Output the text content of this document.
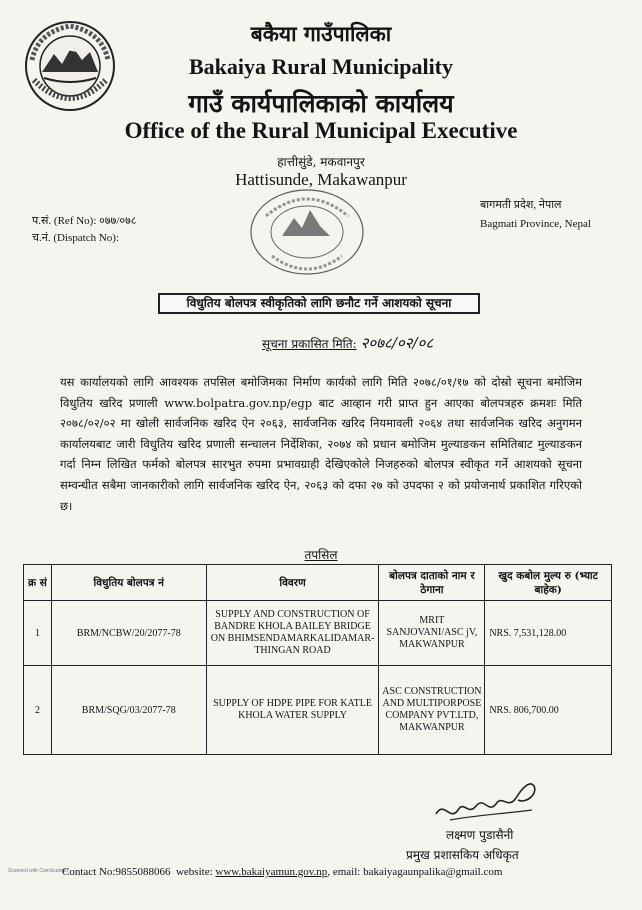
बकैया गाउँपालिका
Bakaiya Rural Municipality
गाउँ कार्यपालिकाको कार्यालय
Office of the Rural Municipal Executive
हात्तीसुंडे, मकवानपुर
Hattisunde, Makawanpur
बागमती प्रदेश, नेपाल
Bagmati Province, Nepal
प.सं. (Ref No): ०७७/०७८
च.नं. (Dispatch No):
विधुतिय बोलपत्र स्वीकृतिको लागि छनौट गर्ने आशयको सूचना
सूचना प्रकासित मिति: २०७८/०२/०८
यस कार्यालयको लागि आवश्यक तपसिल बमोजिमका निर्माण कार्यको लागि मिति २०७८/०१/१७ को दोस्रो सूचना बमोजिम विधुतिय खरिद प्रणाली www.bolpatra.gov.np/egp बाट आव्हान गरी प्राप्त हुन आएका बोलपत्रहरु क्रमशः मिति २०७८/०२/०२ मा खोली सार्वजनिक खरिद ऐन २०६३, सार्वजनिक खरिद नियमावली २०६४ तथा सार्वजनिक खरिद अनुगमन कार्यालयबाट जारी विधुतिय खरिद प्रणाली सन्चालन निर्देशिका, २०७४ को प्रधान बमोजिम मुल्याङकन समितिबाट मुल्याङकन गर्दा निम्न लिखित फर्मको बोलपत्र सारभुत रुपमा प्रभावग्राही देखिएकोले निजहरुको बोलपत्र स्वीकृत गर्ने आशयको सूचना सम्वन्धीत सबैमा जानकारीको लागि सार्वजनिक खरिद ऐन, २०६३ को दफा २७ को उपदफा २ को प्रयोजनार्थ प्रकाशित गरिएको छ।
तपसिल
क्र सं	विधुतिय बोलपत्र नं	विवरण	बोलपत्र दाताको नाम र ठेगाना	खुद कबोल मुल्य रु (भ्याट बाहेक)
1	BRM/NCBW/20/2077-78	SUPPLY AND CONSTRUCTION OF BANDRE KHOLA BAILEY BRIDGE ON BHIMSENDAMARKALIDAMAR-THINGAN ROAD	MRIT SANJOVANI/ASC jV, MAKWANPUR	NRS. 7,531,128.00
2	BRM/SQG/03/2077-78	SUPPLY OF HDPE PIPE FOR KATLE KHOLA WATER SUPPLY	ASC CONSTRUCTION AND MULTIPORPOSE COMPANY PVT.LTD, MAKWANPUR	NRS. 806,700.00
लक्ष्मण पुडासैनी
प्रमुख प्रशासकिय अधिकृत
Scanned with CamScanner
Contact No:9855088066 website: www.bakaiyamun.gov.np, email: bakaiyagaunpalika@gmail.com
